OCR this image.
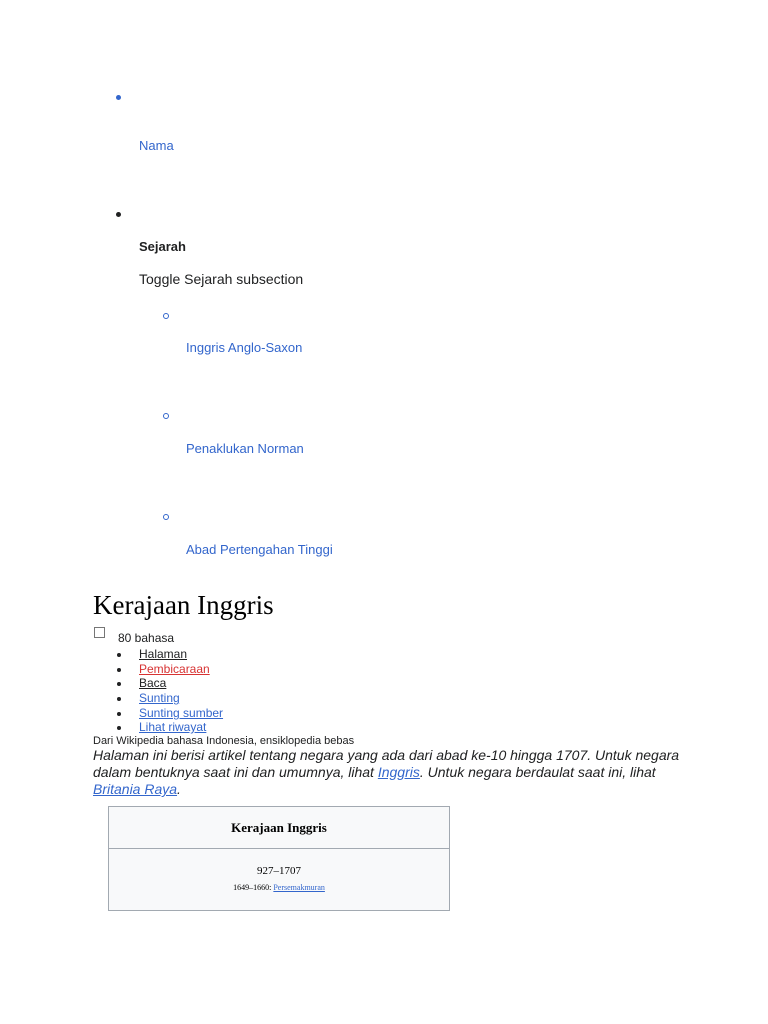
Nama
Sejarah
Toggle Sejarah subsection
Inggris Anglo-Saxon
Penaklukan Norman
Abad Pertengahan Tinggi
Kerajaan Inggris
80 bahasa
Halaman
Pembicaraan
Baca
Sunting
Sunting sumber
Lihat riwayat
Dari Wikipedia bahasa Indonesia, ensiklopedia bebas
Halaman ini berisi artikel tentang negara yang ada dari abad ke-10 hingga 1707. Untuk negara dalam bentuknya saat ini dan umumnya, lihat Inggris. Untuk negara berdaulat saat ini, lihat Britania Raya.
Kerajaan Inggris
927–1707
1649–1660: Persemakmuran
